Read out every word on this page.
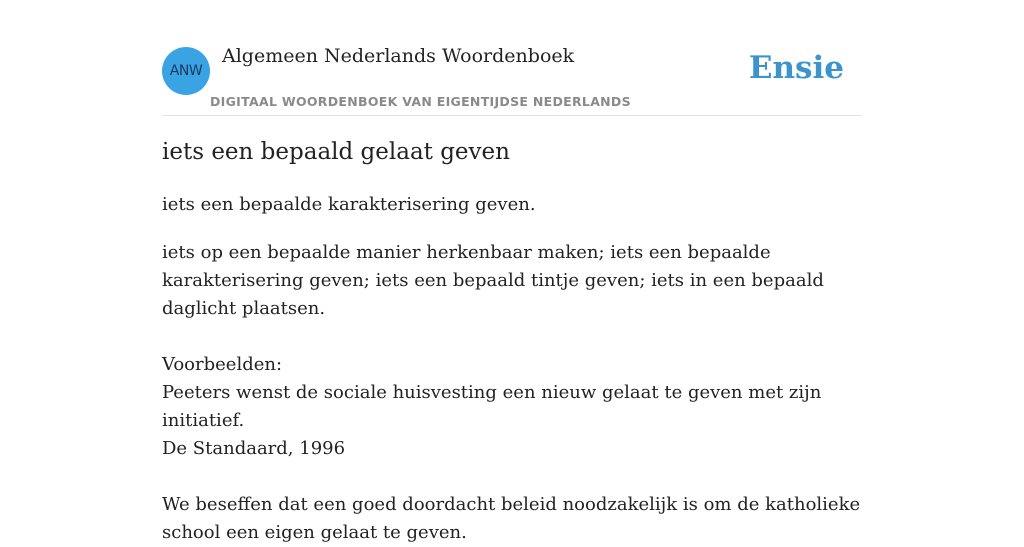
ANW
Algemeen Nederlands Woordenboek
DIGITAAL WOORDENBOEK VAN EIGENTIJDSE NEDERLANDS
Ensie
iets een bepaald gelaat geven
iets een bepaalde karakterisering geven.

iets op een bepaalde manier herkenbaar maken; iets een bepaalde karakterisering geven; iets een bepaald tintje geven; iets in een bepaald daglicht plaatsen.

Voorbeelden:

Peeters wenst de sociale huisvesting een nieuw gelaat te geven met zijn initiatief.

De Standaard, 1996

We beseffen dat een goed doordacht beleid noodzakelijk is om de katholieke school een eigen gelaat te geven.
